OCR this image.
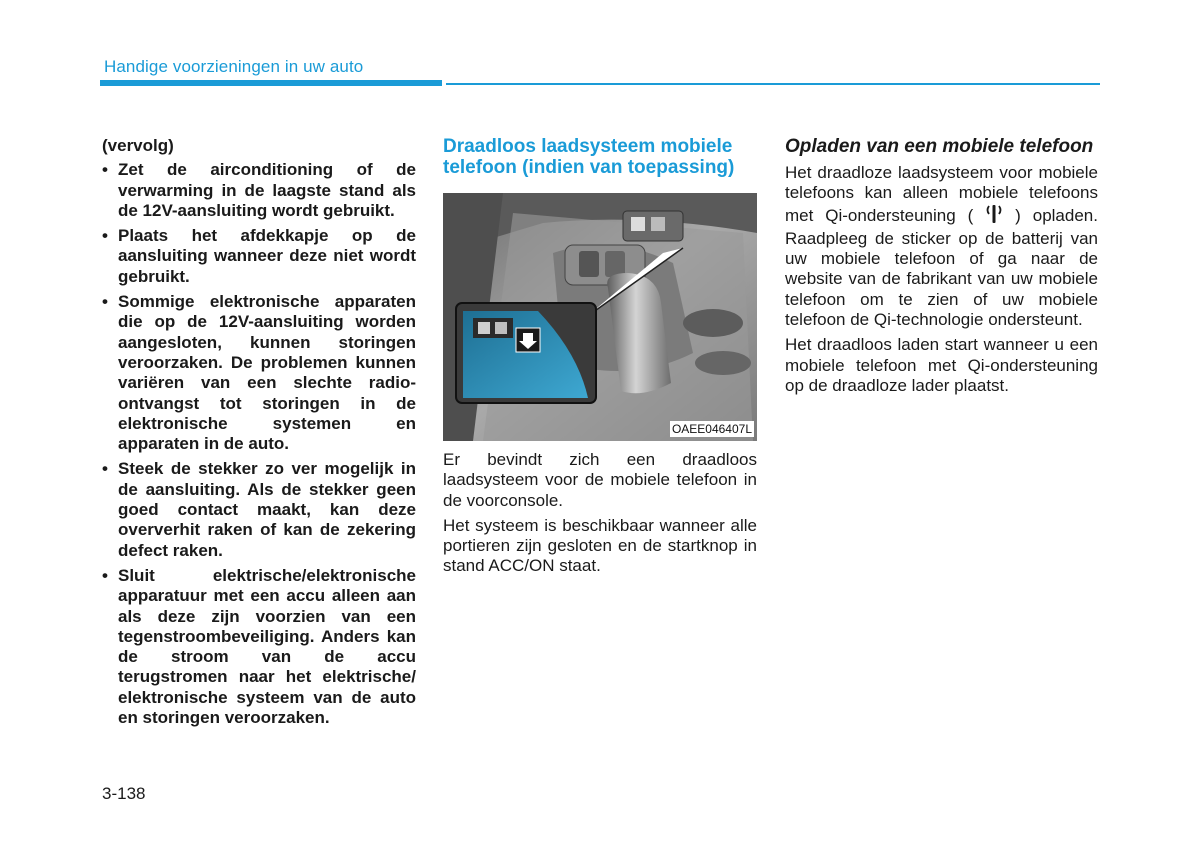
Handige voorzieningen in uw auto
(vervolg)
• Zet de airconditioning of de verwarming in de laagste stand als de 12V-aansluiting wordt gebruikt.
• Plaats het afdekkapje op de aansluiting wanneer deze niet wordt gebruikt.
• Sommige elektronische apparaten die op de 12V-aansluiting worden aangesloten, kunnen storingen veroorzaken. De problemen kunnen variëren van een slechte radio-ontvangst tot storingen in de elektronische systemen en apparaten in de auto.
• Steek de stekker zo ver mogelijk in de aansluiting. Als de stekker geen goed contact maakt, kan deze oververhit raken of kan de zekering defect raken.
• Sluit elektrische/elektronische apparatuur met een accu alleen aan als deze zijn voorzien van een tegenstroombeveiliging. Anders kan de stroom van de accu terugstromen naar het elektrische/ elektronische systeem van de auto en storingen veroorzaken.
Draadloos laadsysteem mobiele telefoon (indien van toepassing)
OAEE046407L

Er bevindt zich een draadloos laadsysteem voor de mobiele telefoon in de voorconsole.

Het systeem is beschikbaar wanneer alle portieren zijn gesloten en de startknop in stand ACC/ON staat.

Opladen van een mobiele telefoon

Het draadloze laadsysteem voor mobiele telefoons kan alleen mobiele telefoons met Qi-ondersteuning ( ) opladen. Raadpleeg de sticker op de batterij van uw mobiele telefoon of ga naar de website van de fabrikant van uw mobiele telefoon om te zien of uw mobiele telefoon de Qi-technologie ondersteunt.

Het draadloos laden start wanneer u een mobiele telefoon met Qi-ondersteuning op de draadloze lader plaatst.

3-138
